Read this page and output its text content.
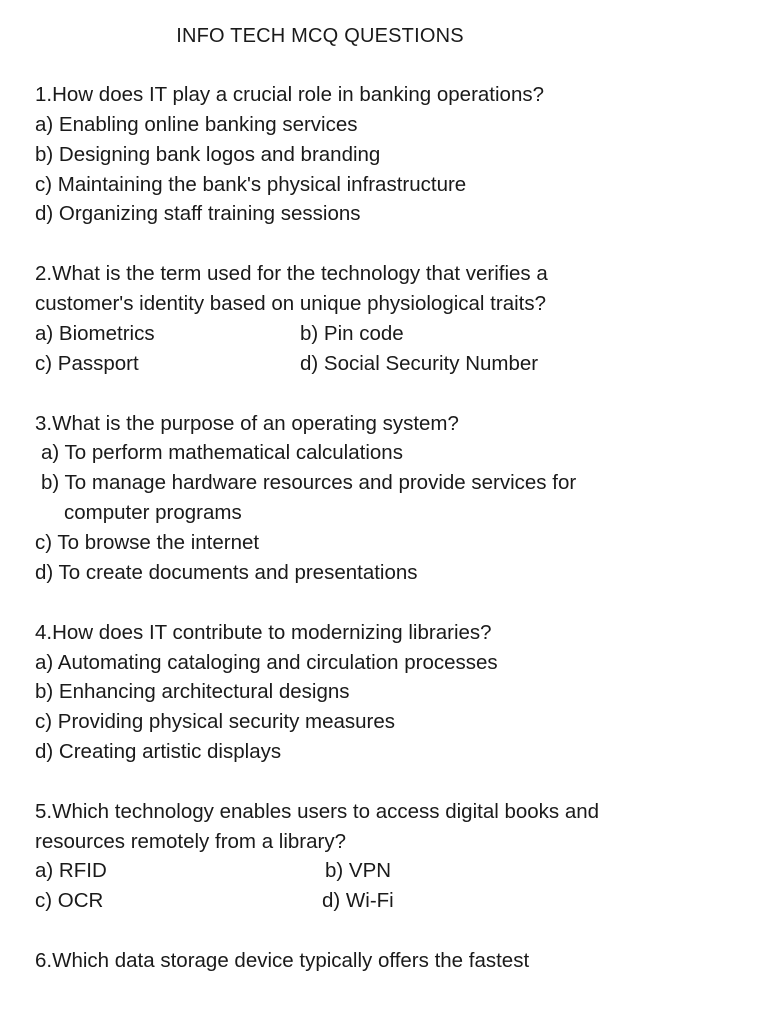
INFO TECH MCQ QUESTIONS
1.How does IT play a crucial role in banking operations?
a) Enabling online banking services
b) Designing bank logos and branding
c) Maintaining the bank's physical infrastructure
d) Organizing staff training sessions
2.What is the term used for the technology that verifies a
customer's identity based on unique physiological traits?
a) Biometrics	b) Pin code
c) Passport	d) Social Security Number
3.What is the purpose of an operating system?
a) To perform mathematical calculations
b) To manage hardware resources and provide services for
computer programs
c) To browse the internet
d) To create documents and presentations
4.How does IT contribute to modernizing libraries?
a) Automating cataloging and circulation processes
b) Enhancing architectural designs
c) Providing physical security measures
d) Creating artistic displays
5.Which technology enables users to access digital books and
resources remotely from a library?
a) RFID	b) VPN
c) OCR	d) Wi-Fi
6.Which data storage device typically offers the fastest
